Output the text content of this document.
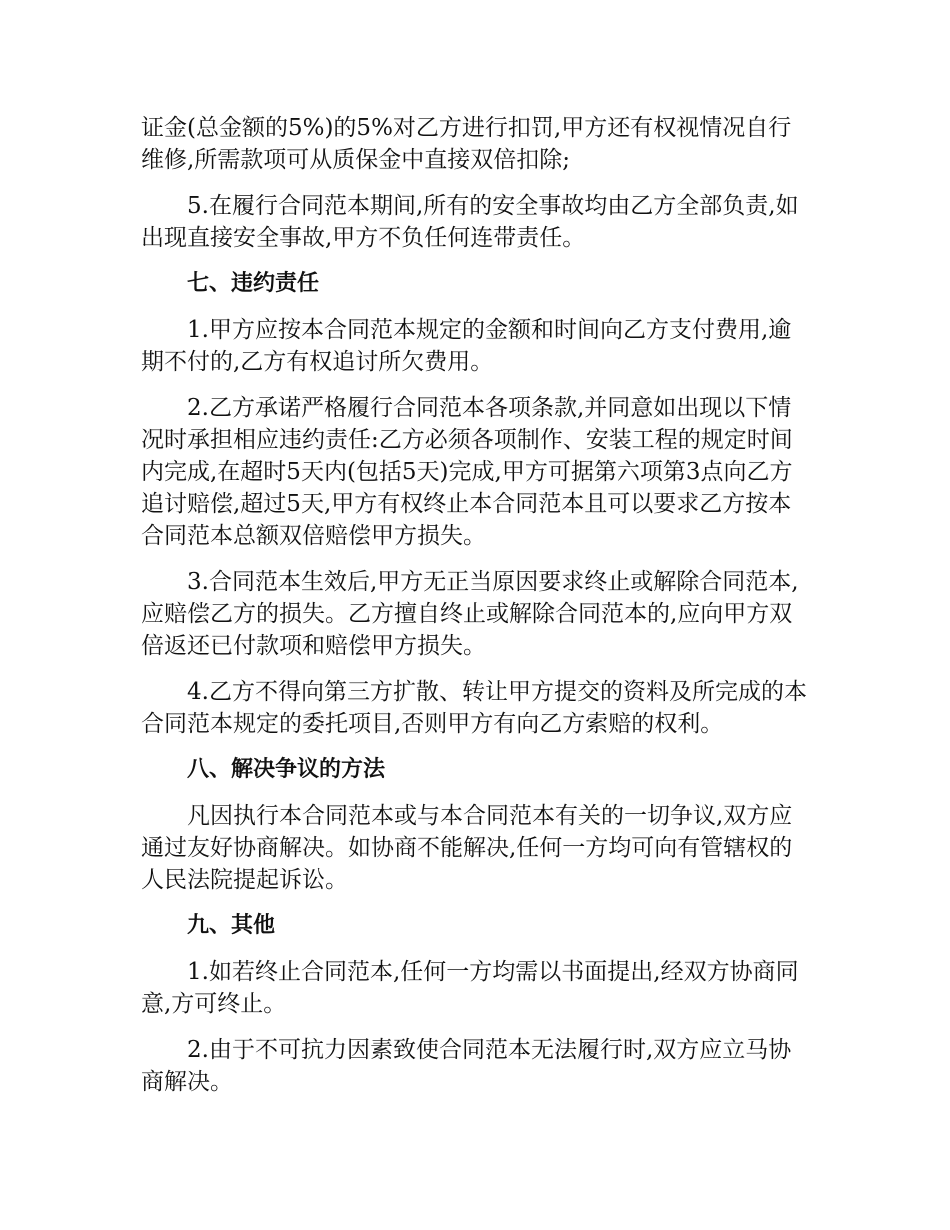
证金(总金额的5%)的5%对乙方进行扣罚,甲方还有权视情况自行维修,所需款项可从质保金中直接双倍扣除;

5.在履行合同范本期间,所有的安全事故均由乙方全部负责,如出现直接安全事故,甲方不负任何连带责任。

七、违约责任

1.甲方应按本合同范本规定的金额和时间向乙方支付费用,逾期不付的,乙方有权追讨所欠费用。

2.乙方承诺严格履行合同范本各项条款,并同意如出现以下情况时承担相应违约责任:乙方必须各项制作、安装工程的规定时间内完成,在超时5天内(包括5天)完成,甲方可据第六项第3点向乙方追讨赔偿,超过5天,甲方有权终止本合同范本且可以要求乙方按本合同范本总额双倍赔偿甲方损失。

3.合同范本生效后,甲方无正当原因要求终止或解除合同范本,应赔偿乙方的损失。乙方擅自终止或解除合同范本的,应向甲方双倍返还已付款项和赔偿甲方损失。

4.乙方不得向第三方扩散、转让甲方提交的资料及所完成的本合同范本规定的委托项目,否则甲方有向乙方索赔的权利。

八、解决争议的方法

凡因执行本合同范本或与本合同范本有关的一切争议,双方应通过友好协商解决。如协商不能解决,任何一方均可向有管辖权的人民法院提起诉讼。

九、其他

1.如若终止合同范本,任何一方均需以书面提出,经双方协商同意,方可终止。

2.由于不可抗力因素致使合同范本无法履行时,双方应立马协商解决。
